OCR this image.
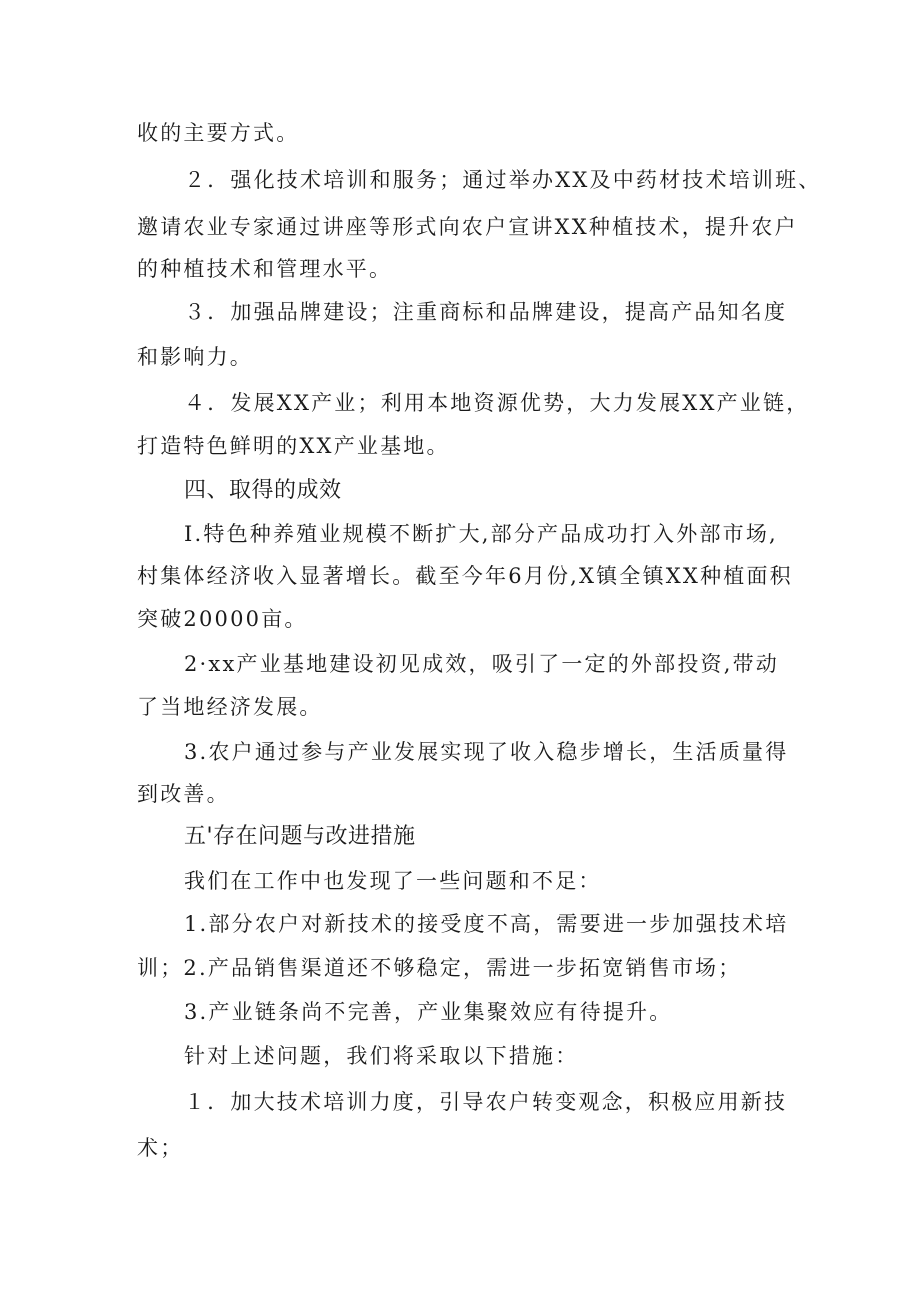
收的主要方式。
２．强化技术培训和服务；通过举办XX及中药材技术培训班、
邀请农业专家通过讲座等形式向农户宣讲XX种植技术，提升农户
的种植技术和管理水平。
３．加强品牌建设；注重商标和品牌建设，提高产品知名度
和影响力。
４．发展XX产业；利用本地资源优势，大力发展XX产业链，
打造特色鲜明的XX产业基地。
四、取得的成效
I.特色种养殖业规模不断扩大,部分产品成功打入外部市场,
村集体经济收入显著增长。截至今年6月份,X镇全镇XX种植面积
突破20000亩。
2·xx产业基地建设初见成效，吸引了一定的外部投资,带动
了当地经济发展。
3.农户通过参与产业发展实现了收入稳步增长，生活质量得
到改善。
五'存在问题与改进措施
我们在工作中也发现了一些问题和不足：
1.部分农户对新技术的接受度不高，需要进一步加强技术培
训；2.产品销售渠道还不够稳定，需进一步拓宽销售市场；
3.产业链条尚不完善，产业集聚效应有待提升。
针对上述问题，我们将采取以下措施：
１．加大技术培训力度，引导农户转变观念，积极应用新技
术；
